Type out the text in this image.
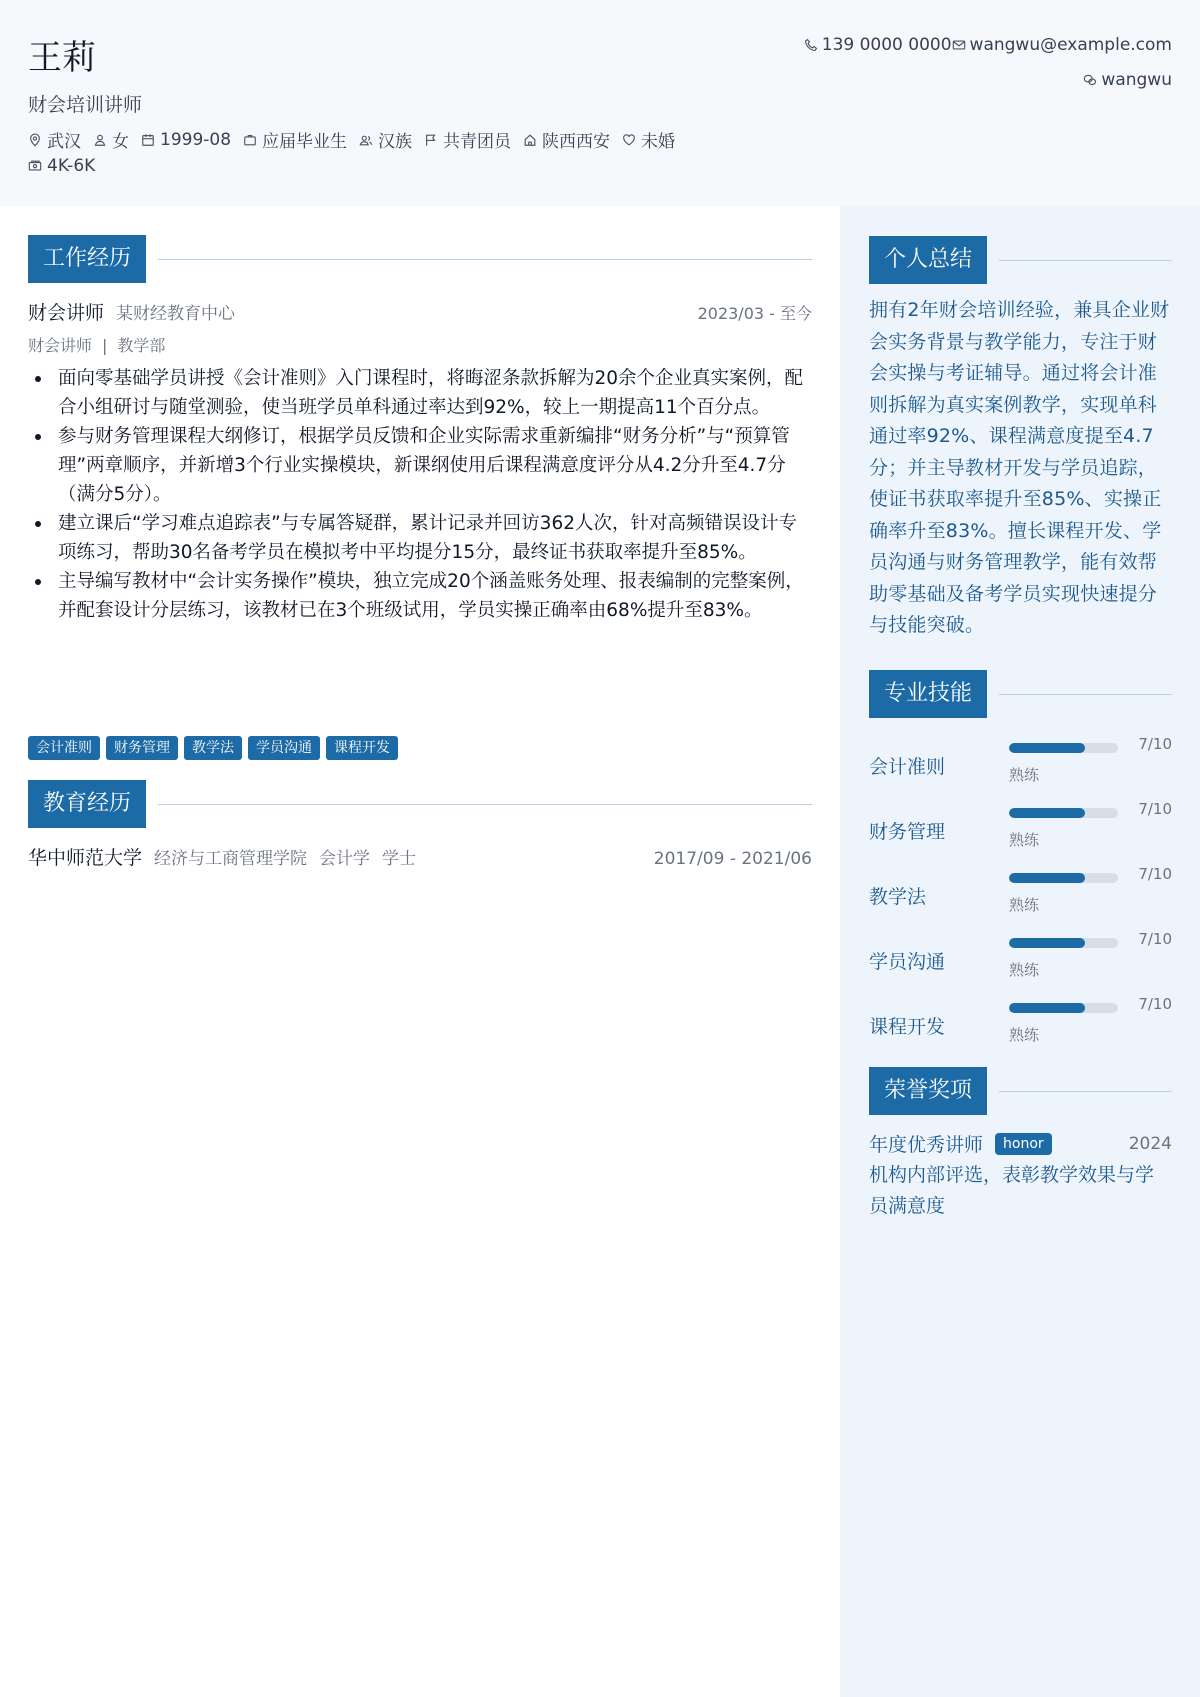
王莉
财会培训讲师
武汉 女 1999-08 应届毕业生 汉族 共青团员 陕西西安 未婚
4K-6K
139 0000 0000 wangwu@example.com
wangwu
工作经历
财会讲师 某财经教育中心	2023/03 - 至今
财会讲师 | 教学部
面向零基础学员讲授《会计准则》入门课程时，将晦涩条款拆解为20余个企业真实案例，配合小组研讨与随堂测验，使当班学员单科通过率达到92%，较上一期提高11个百分点。
参与财务管理课程大纲修订，根据学员反馈和企业实际需求重新编排“财务分析”与“预算管理”两章顺序，并新增3个行业实操模块，新课纲使用后课程满意度评分从4.2分升至4.7分（满分5分）。
建立课后“学习难点追踪表”与专属答疑群，累计记录并回访362人次，针对高频错误设计专项练习，帮助30名备考学员在模拟考中平均提分15分，最终证书获取率提升至85%。
主导编写教材中“会计实务操作”模块，独立完成20个涵盖账务处理、报表编制的完整案例，并配套设计分层练习，该教材已在3个班级试用，学员实操正确率由68%提升至83%。
会计准则	财务管理	教学法	学员沟通	课程开发
教育经历
华中师范大学 经济与工商管理学院 会计学 学士	2017/09 - 2021/06
个人总结
拥有2年财会培训经验，兼具企业财会实务背景与教学能力，专注于财会实操与考证辅导。通过将会计准则拆解为真实案例教学，实现单科通过率92%、课程满意度提至4.7分；并主导教材开发与学员追踪，使证书获取率提升至85%、实操正确率升至83%。擅长课程开发、学员沟通与财务管理教学，能有效帮助零基础及备考学员实现快速提分与技能突破。
专业技能
会计准则
7/10
熟练
财务管理
7/10
熟练
教学法
7/10
熟练
学员沟通
7/10
熟练
课程开发
7/10
熟练
荣誉奖项
年度优秀讲师	honor	2024
机构内部评选，表彰教学效果与学员满意度
